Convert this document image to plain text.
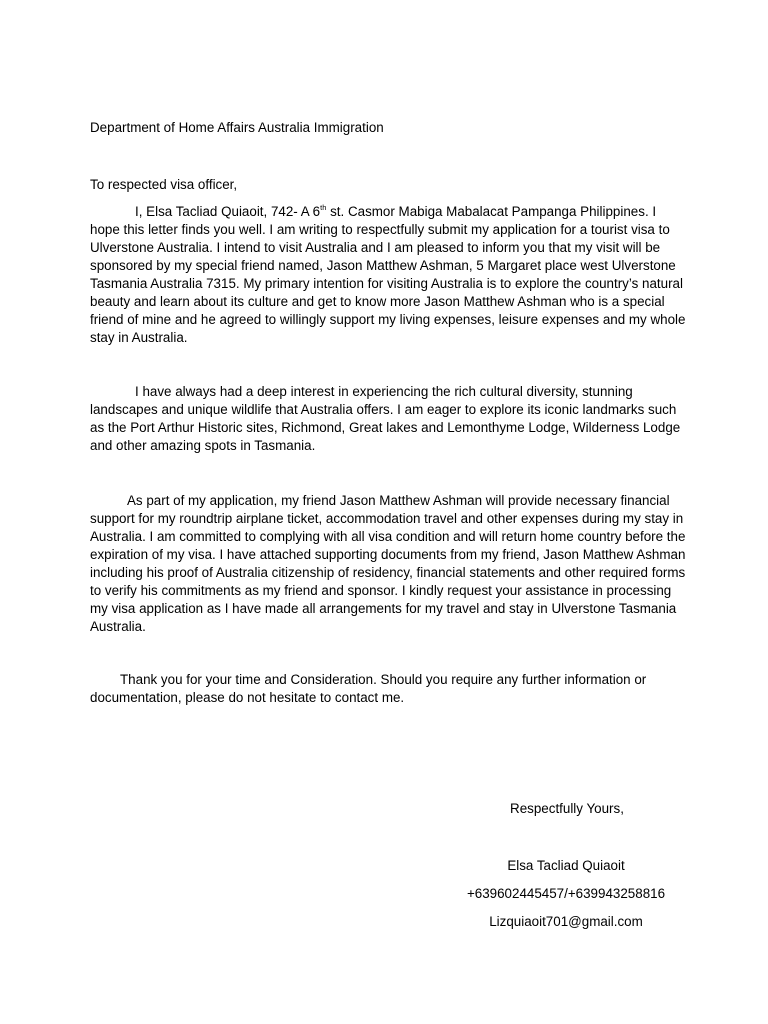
Department of Home Affairs Australia Immigration

To respected visa officer,

I, Elsa Tacliad Quiaoit, 742- A 6th st. Casmor Mabiga Mabalacat Pampanga Philippines. I hope this letter finds you well. I am writing to respectfully submit my application for a tourist visa to Ulverstone Australia. I intend to visit Australia and I am pleased to inform you that my visit will be sponsored by my special friend named, Jason Matthew Ashman, 5 Margaret place west Ulverstone Tasmania Australia 7315. My primary intention for visiting Australia is to explore the country’s natural beauty and learn about its culture and get to know more Jason Matthew Ashman who is a special friend of mine and he agreed to willingly support my living expenses, leisure expenses and my whole stay in Australia.

I have always had a deep interest in experiencing the rich cultural diversity, stunning landscapes and unique wildlife that Australia offers. I am eager to explore its iconic landmarks such as the Port Arthur Historic sites, Richmond, Great lakes and Lemonthyme Lodge, Wilderness Lodge and other amazing spots in Tasmania.

As part of my application, my friend Jason Matthew Ashman will provide necessary financial support for my roundtrip airplane ticket, accommodation travel and other expenses during my stay in Australia. I am committed to complying with all visa condition and will return home country before the expiration of my visa. I have attached supporting documents from my friend, Jason Matthew Ashman including his proof of Australia citizenship of residency, financial statements and other required forms to verify his commitments as my friend and sponsor. I kindly request your assistance in processing my visa application as I have made all arrangements for my travel and stay in Ulverstone Tasmania Australia.

Thank you for your time and Consideration. Should you require any further information or documentation, please do not hesitate to contact me.

Respectfully Yours,

Elsa Tacliad Quiaoit

+639602445457/+639943258816

Lizquiaoit701@gmail.com
